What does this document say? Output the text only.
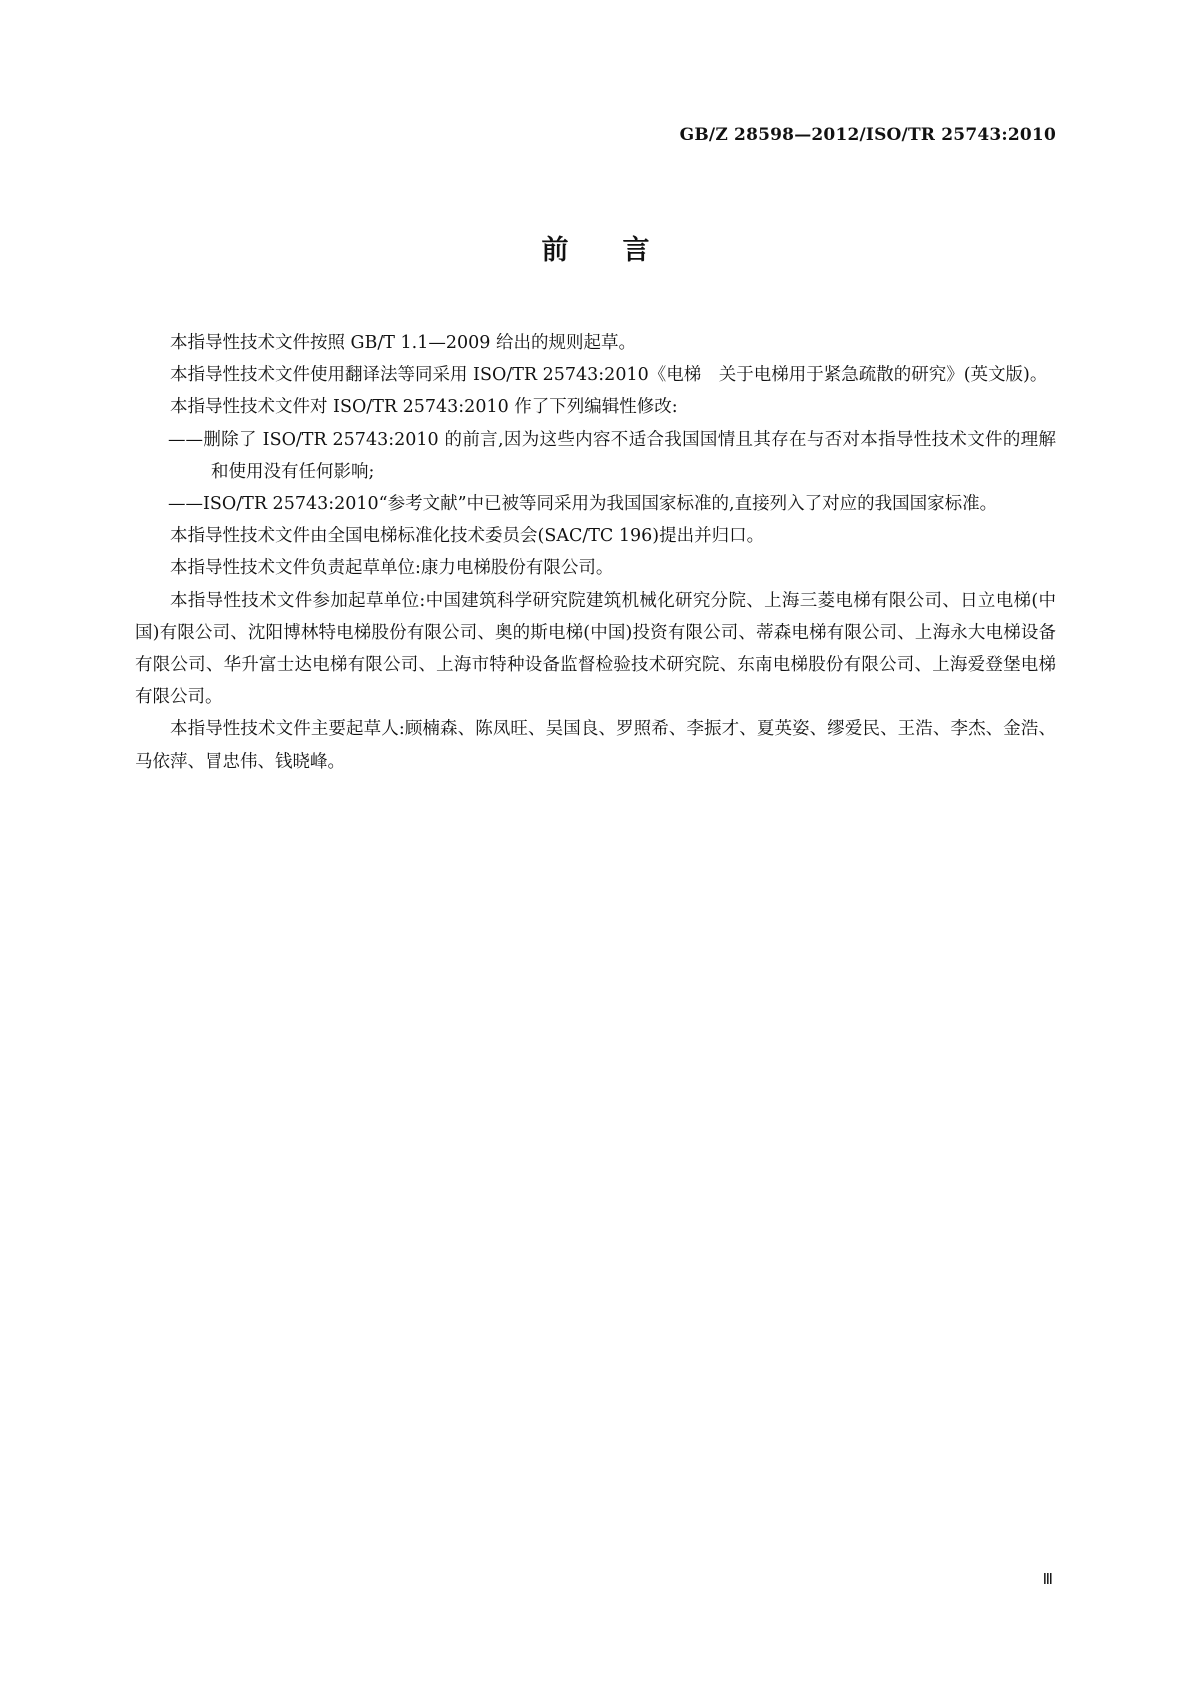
GB/Z 28598—2012/ISO/TR 25743:2010
前言

本指导性技术文件按照 GB/T 1.1—2009 给出的规则起草。

本指导性技术文件使用翻译法等同采用 ISO/TR 25743:2010《电梯　关于电梯用于紧急疏散的研究》(英文版)。

本指导性技术文件对 ISO/TR 25743:2010 作了下列编辑性修改:

——删除了 ISO/TR 25743:2010 的前言,因为这些内容不适合我国国情且其存在与否对本指导性技术文件的理解和使用没有任何影响;

——ISO/TR 25743:2010“参考文献”中已被等同采用为我国国家标准的,直接列入了对应的我国国家标准。

本指导性技术文件由全国电梯标准化技术委员会(SAC/TC 196)提出并归口。

本指导性技术文件负责起草单位:康力电梯股份有限公司。

本指导性技术文件参加起草单位:中国建筑科学研究院建筑机械化研究分院、上海三菱电梯有限公司、日立电梯(中国)有限公司、沈阳博林特电梯股份有限公司、奥的斯电梯(中国)投资有限公司、蒂森电梯有限公司、上海永大电梯设备有限公司、华升富士达电梯有限公司、上海市特种设备监督检验技术研究院、东南电梯股份有限公司、上海爱登堡电梯有限公司。

本指导性技术文件主要起草人:顾楠森、陈凤旺、吴国良、罗照希、李振才、夏英姿、缪爱民、王浩、李杰、金浩、马依萍、冒忠伟、钱晓峰。

Ⅲ
